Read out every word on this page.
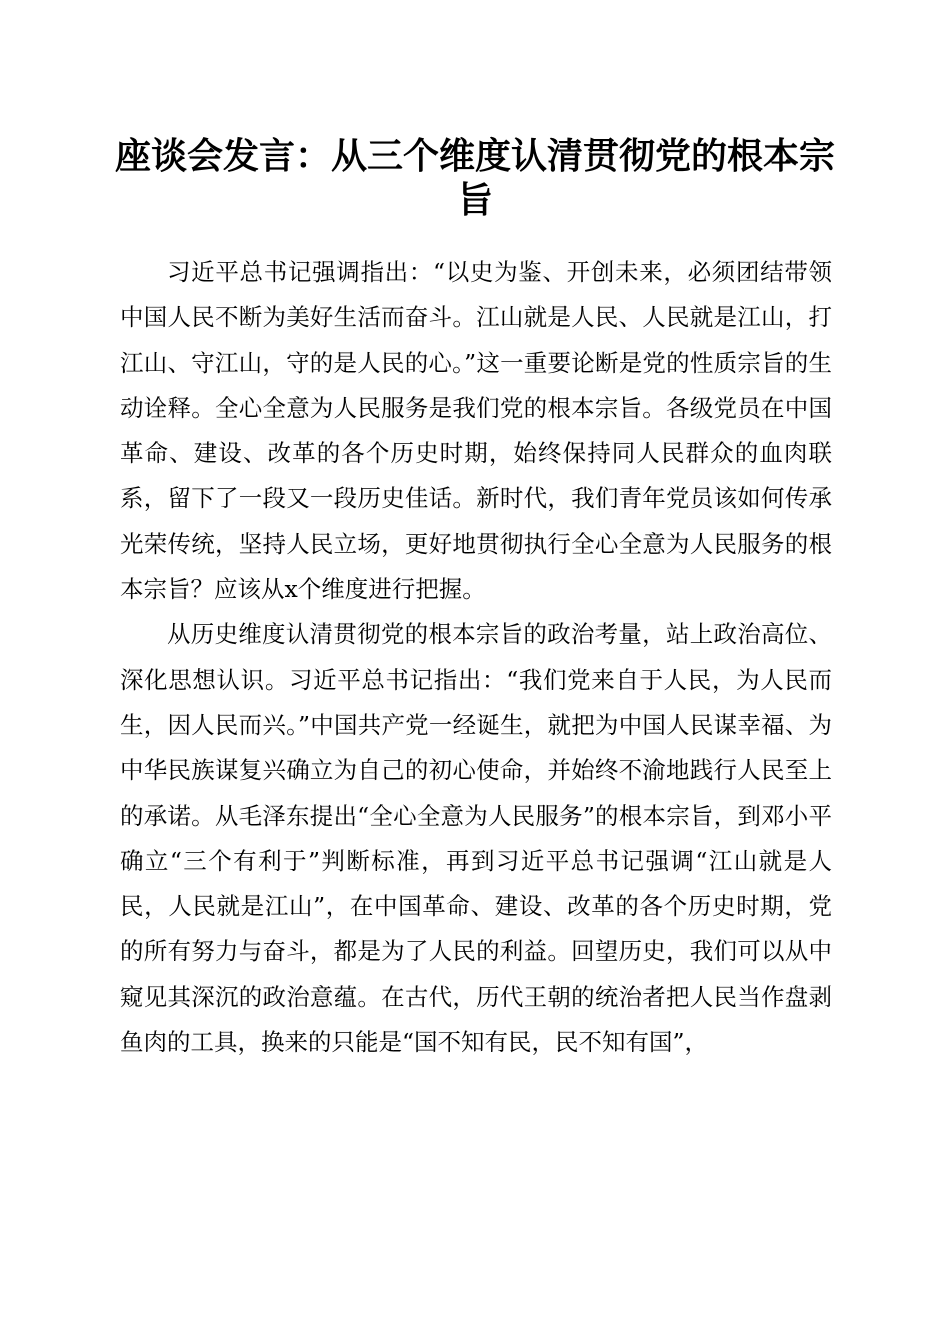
座谈会发言：从三个维度认清贯彻党的根本宗旨

习近平总书记强调指出：“以史为鉴、开创未来，必须团结带领中国人民不断为美好生活而奋斗。江山就是人民、人民就是江山，打江山、守江山，守的是人民的心。”这一重要论断是党的性质宗旨的生动诠释。全心全意为人民服务是我们党的根本宗旨。各级党员在中国革命、建设、改革的各个历史时期，始终保持同人民群众的血肉联系，留下了一段又一段历史佳话。新时代，我们青年党员该如何传承光荣传统，坚持人民立场，更好地贯彻执行全心全意为人民服务的根本宗旨？应该从x个维度进行把握。

从历史维度认清贯彻党的根本宗旨的政治考量，站上政治高位、深化思想认识。习近平总书记指出：“我们党来自于人民，为人民而生，因人民而兴。”中国共产党一经诞生，就把为中国人民谋幸福、为中华民族谋复兴确立为自己的初心使命，并始终不渝地践行人民至上的承诺。从毛泽东提出“全心全意为人民服务”的根本宗旨，到邓小平确立“三个有利于”判断标准，再到习近平总书记强调“江山就是人民，人民就是江山”，在中国革命、建设、改革的各个历史时期，党的所有努力与奋斗，都是为了人民的利益。回望历史，我们可以从中窥见其深沉的政治意蕴。在古代，历代王朝的统治者把人民当作盘剥鱼肉的工具，换来的只能是“国不知有民，民不知有国”，
